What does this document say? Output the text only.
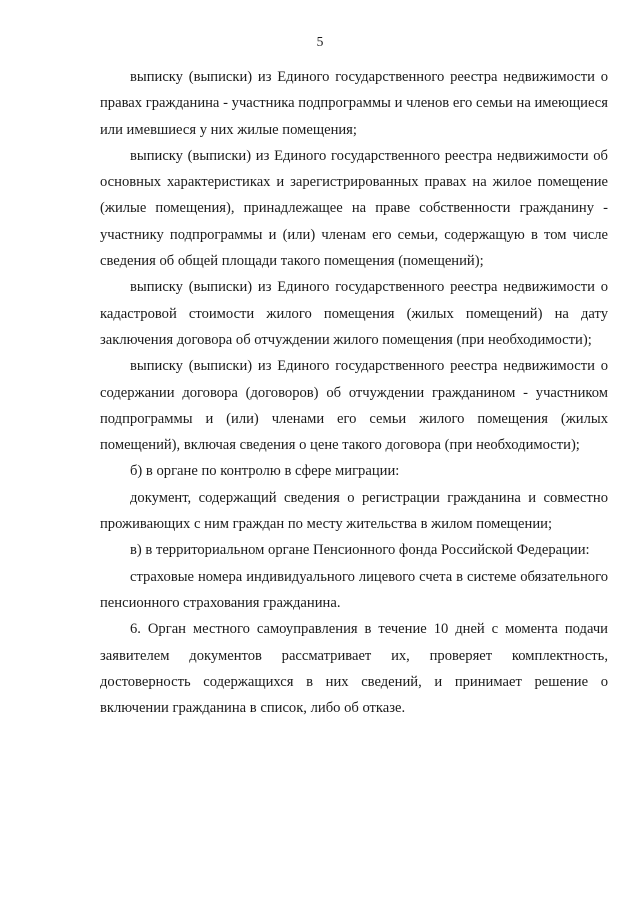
5

выписку (выписки) из Единого государственного реестра недвижимости о правах гражданина - участника подпрограммы и членов его семьи на имеющиеся или имевшиеся у них жилые помещения;

выписку (выписки) из Единого государственного реестра недвижимости об основных характеристиках и зарегистрированных правах на жилое помещение (жилые помещения), принадлежащее на праве собственности гражданину - участнику подпрограммы и (или) членам его семьи, содержащую в том числе сведения об общей площади такого помещения (помещений);

выписку (выписки) из Единого государственного реестра недвижимости о кадастровой стоимости жилого помещения (жилых помещений) на дату заключения договора об отчуждении жилого помещения (при необходимости);

выписку (выписки) из Единого государственного реестра недвижимости о содержании договора (договоров) об отчуждении гражданином - участником подпрограммы и (или) членами его семьи жилого помещения (жилых помещений), включая сведения о цене такого договора (при необходимости);

б) в органе по контролю в сфере миграции:

документ, содержащий сведения о регистрации гражданина и совместно проживающих с ним граждан по месту жительства в жилом помещении;

в) в территориальном органе Пенсионного фонда Российской Федерации:

страховые номера индивидуального лицевого счета в системе обязательного пенсионного страхования гражданина.

6. Орган местного самоуправления в течение 10 дней с момента подачи заявителем документов рассматривает их, проверяет комплектность, достоверность содержащихся в них сведений, и принимает решение о включении гражданина в список, либо об отказе.
